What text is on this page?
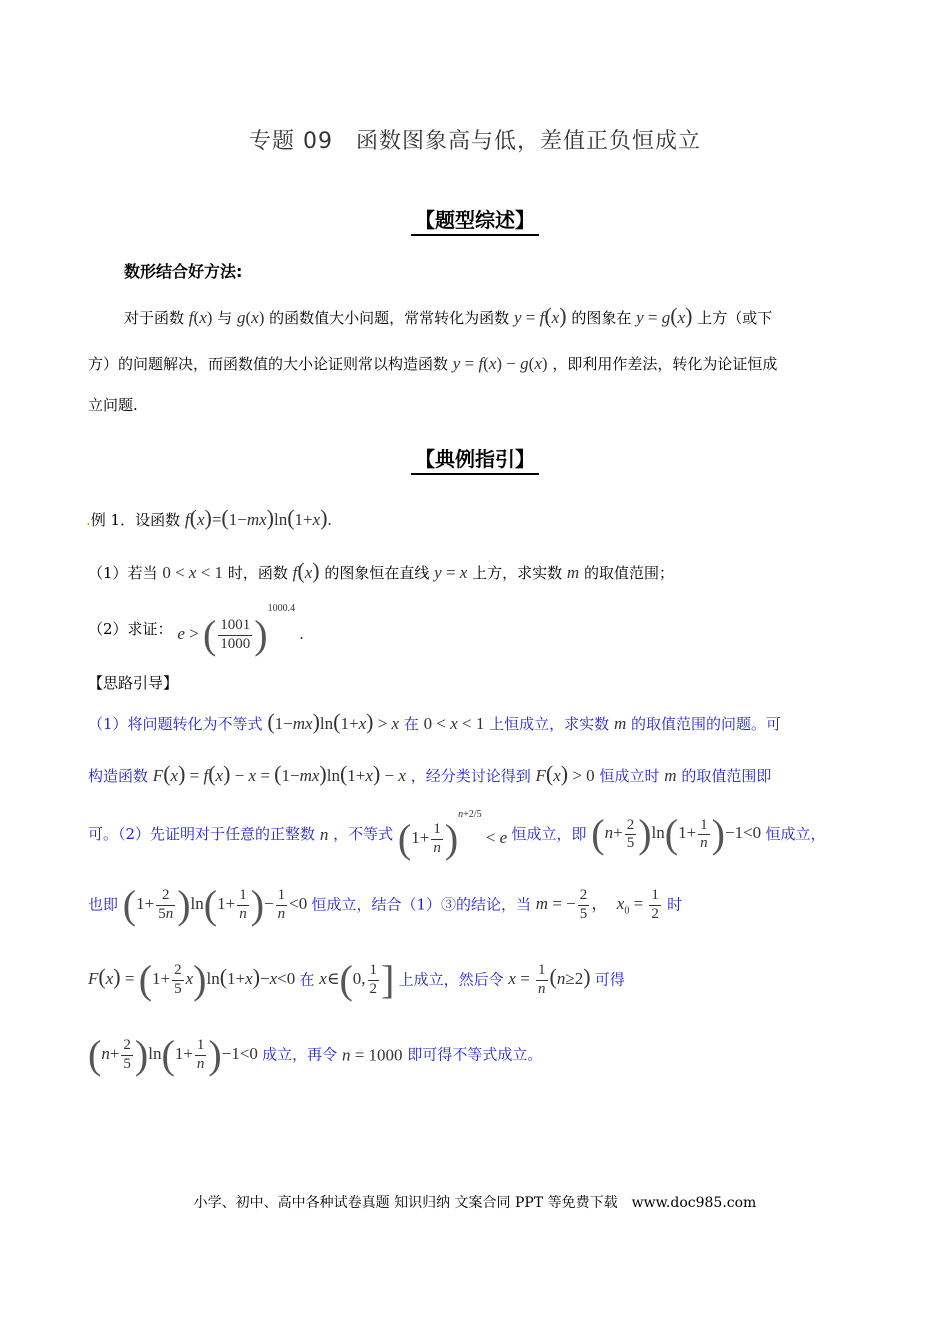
专题 09　函数图象高与低，差值正负恒成立
【题型综述】
数形结合好方法:
对于函数 f(x) 与 g(x) 的函数值大小问题，常常转化为函数 y = f(x) 的图象在 y = g(x) 上方（或下
方）的问题解决，而函数值的大小论证则常以构造函数 y = f(x) − g(x) ，即利用作差法，转化为论证恒成
立问题.
【典例指引】
.例 1．设函数 f(x)=(1−mx)ln(1+x).
（1）若当 0 < x < 1 时，函数 f(x) 的图象恒在直线 y = x 上方，求实数 m 的取值范围；
（2）求证： e > ( $\frac{1001}{1000} )^{1000.4}$ .
【思路引导】
（1）将问题转化为不等式 (1−mx)ln(1+x) > x 在 0 < x < 1 上恒成立，求实数 m 的取值范围的问题。可
构造函数 F(x) = f(x) − x = (1−mx)ln(1+x) − x ，经分类讨论得到 F(x) > 0 恒成立时 m 的取值范围即
可。（2）先证明对于任意的正整数 n ，不等式 $(1+ \frac{1}{n} )^{n+2/5} < e$ 恒成立，即 $(n+ \frac{2}{5} )\ln(1+ \frac{1}{n} )-1<0$ 恒成立，
也即 $(1+ \frac{2}{5n} )\ln(1+ \frac{1}{n}$ )− $\frac{1}{n} <0$ 恒成立，结合（1）③的结论，当 m = − $\frac{2}{5}$ ，  $x_0 = \frac{1}{2}$ 时
$F(x) = (1+ \frac{2}{5} x)\ln(1+x)-x<0$ 在 x∈(0, $\frac{1}{2}$ ] 上成立，然后令 $x = \frac{1}{n} (n\ge 2)$ 可得
$(n+ \frac{2}{5} )\ln(1+ \frac{1}{n} )-1<0$ 成立，再令 n = 1000 即可得不等式成立。
小学、初中、高中各种试卷真题 知识归纳 文案合同 PPT 等免费下载　www.doc985.com
